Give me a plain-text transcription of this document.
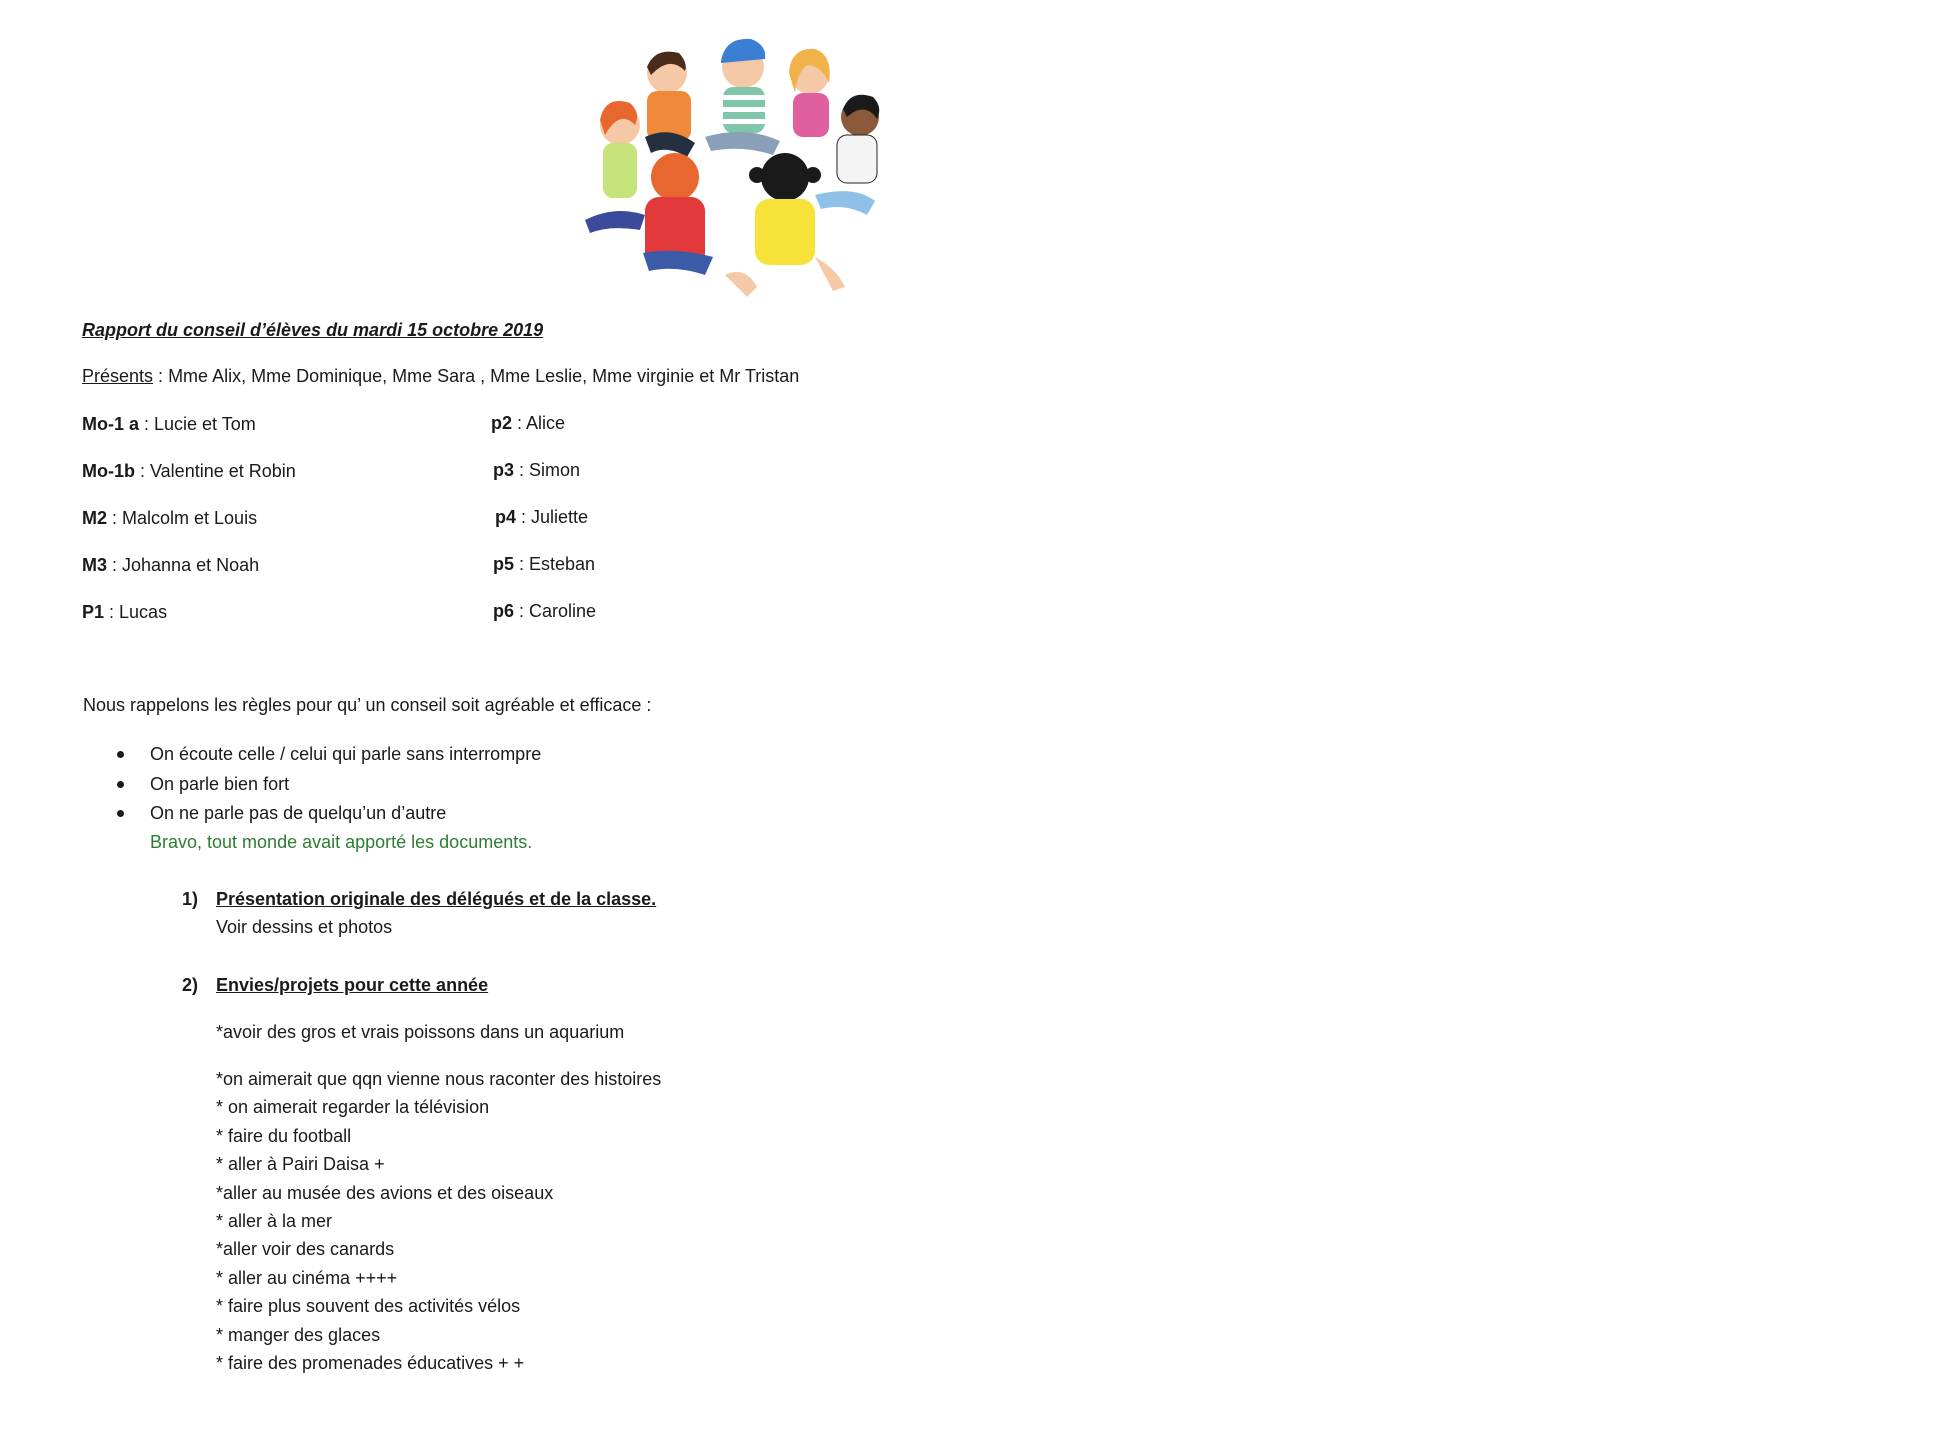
Rapport du conseil d’élèves du mardi 15 octobre 2019
Présents : Mme Alix, Mme Dominique, Mme Sara , Mme Leslie, Mme virginie et Mr Tristan
Mo-1 a : Lucie et Tom
Mo-1b : Valentine et Robin
M2 : Malcolm et Louis
M3 : Johanna et Noah
P1 : Lucas
p2 : Alice
p3 : Simon
p4 : Juliette
p5 : Esteban
p6 : Caroline
Nous rappelons les règles pour qu’ un conseil soit agréable et efficace :
On écoute celle / celui qui parle sans interrompre
On parle bien fort
On ne parle pas de quelqu’un d’autre
Bravo, tout monde avait apporté les documents.
1) Présentation originale des délégués et de la classe.
Voir dessins et photos
2) Envies/projets pour cette année
*avoir des gros et vrais poissons dans un aquarium
*on aimerait que qqn vienne nous raconter des histoires
* on aimerait regarder la télévision
* faire du football
* aller à Pairi Daisa +
*aller au musée des avions et des oiseaux
* aller à la mer
*aller voir des canards
* aller au cinéma ++++
* faire plus souvent des activités vélos
* manger des glaces
* faire des promenades éducatives + +
